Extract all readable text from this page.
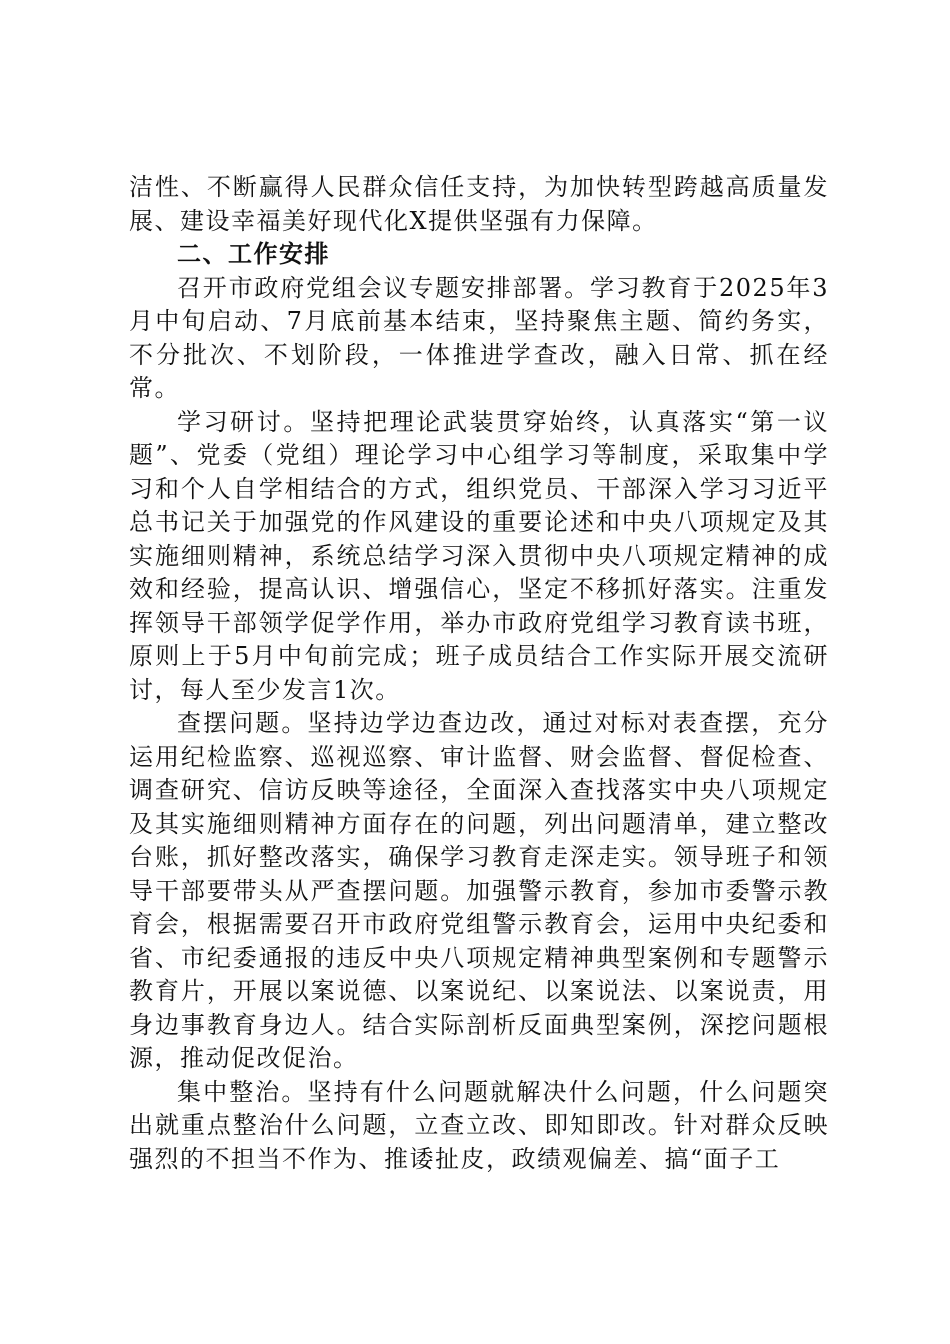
洁性、不断赢得人民群众信任支持，为加快转型跨越高质量发展、建设幸福美好现代化X提供坚强有力保障。

二、工作安排

召开市政府党组会议专题安排部署。学习教育于2025年3月中旬启动、7月底前基本结束，坚持聚焦主题、简约务实，不分批次、不划阶段，一体推进学查改，融入日常、抓在经常。

学习研讨。坚持把理论武装贯穿始终，认真落实“第一议题”、党委（党组）理论学习中心组学习等制度，采取集中学习和个人自学相结合的方式，组织党员、干部深入学习习近平总书记关于加强党的作风建设的重要论述和中央八项规定及其实施细则精神，系统总结学习深入贯彻中央八项规定精神的成效和经验，提高认识、增强信心，坚定不移抓好落实。注重发挥领导干部领学促学作用，举办市政府党组学习教育读书班，原则上于5月中旬前完成；班子成员结合工作实际开展交流研讨，每人至少发言1次。

查摆问题。坚持边学边查边改，通过对标对表查摆，充分运用纪检监察、巡视巡察、审计监督、财会监督、督促检查、调查研究、信访反映等途径，全面深入查找落实中央八项规定及其实施细则精神方面存在的问题，列出问题清单，建立整改台账，抓好整改落实，确保学习教育走深走实。领导班子和领导干部要带头从严查摆问题。加强警示教育，参加市委警示教育会，根据需要召开市政府党组警示教育会，运用中央纪委和省、市纪委通报的违反中央八项规定精神典型案例和专题警示教育片，开展以案说德、以案说纪、以案说法、以案说责，用身边事教育身边人。结合实际剖析反面典型案例，深挖问题根源，推动促改促治。

集中整治。坚持有什么问题就解决什么问题，什么问题突出就重点整治什么问题，立查立改、即知即改。针对群众反映强烈的不担当不作为、推诿扯皮，政绩观偏差、搞“面子工
